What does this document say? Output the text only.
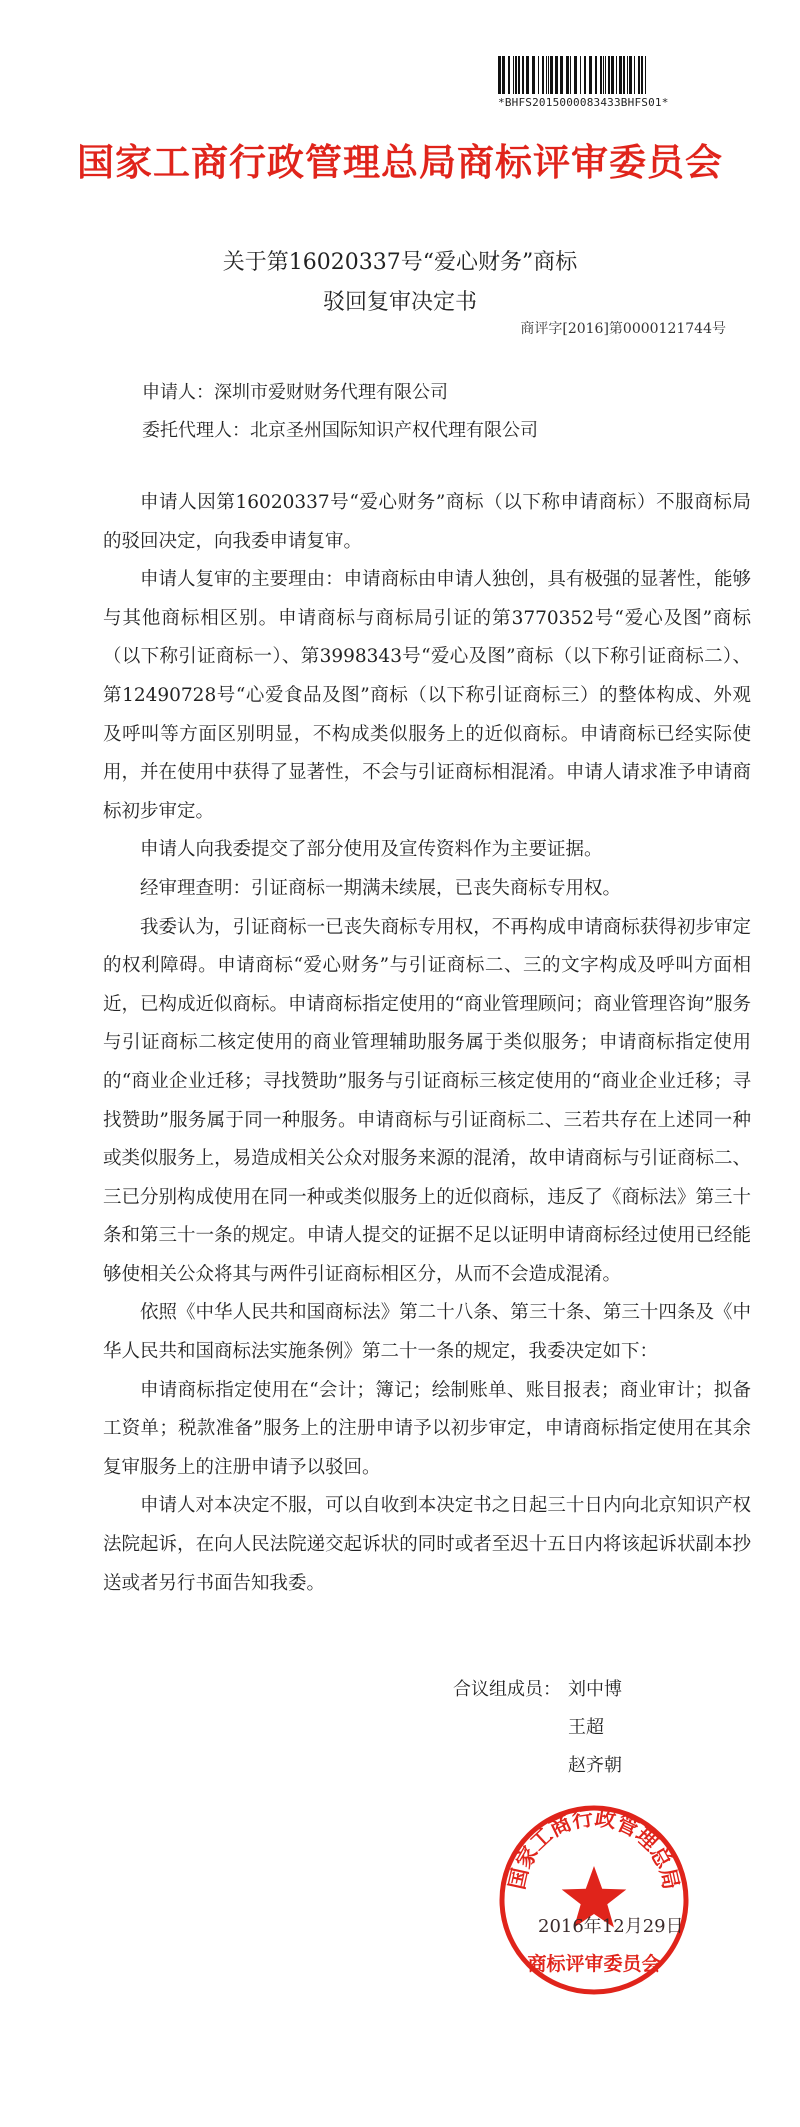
*BHFS2015000083433BHFS01*
国家工商行政管理总局商标评审委员会
关于第16020337号“爱心财务”商标
驳回复审决定书
商评字[2016]第0000121744号
申请人：深圳市爱财财务代理有限公司
委托代理人：北京圣州国际知识产权代理有限公司

申请人因第16020337号“爱心财务”商标（以下称申请商标）不服商标局的驳回决定，向我委申请复审。

申请人复审的主要理由：申请商标由申请人独创，具有极强的显著性，能够与其他商标相区别。申请商标与商标局引证的第3770352号“爱心及图”商标（以下称引证商标一）、第3998343号“爱心及图”商标（以下称引证商标二）、第12490728号“心爱食品及图”商标（以下称引证商标三）的整体构成、外观及呼叫等方面区别明显，不构成类似服务上的近似商标。申请商标已经实际使用，并在使用中获得了显著性，不会与引证商标相混淆。申请人请求准予申请商标初步审定。

申请人向我委提交了部分使用及宣传资料作为主要证据。

经审理查明：引证商标一期满未续展，已丧失商标专用权。

我委认为，引证商标一已丧失商标专用权，不再构成申请商标获得初步审定的权利障碍。申请商标“爱心财务”与引证商标二、三的文字构成及呼叫方面相近，已构成近似商标。申请商标指定使用的“商业管理顾问；商业管理咨询”服务与引证商标二核定使用的商业管理辅助服务属于类似服务；申请商标指定使用的“商业企业迁移；寻找赞助”服务与引证商标三核定使用的“商业企业迁移；寻找赞助”服务属于同一种服务。申请商标与引证商标二、三若共存在上述同一种或类似服务上，易造成相关公众对服务来源的混淆，故申请商标与引证商标二、三已分别构成使用在同一种或类似服务上的近似商标，违反了《商标法》第三十条和第三十一条的规定。申请人提交的证据不足以证明申请商标经过使用已经能够使相关公众将其与两件引证商标相区分，从而不会造成混淆。

依照《中华人民共和国商标法》第二十八条、第三十条、第三十四条及《中华人民共和国商标法实施条例》第二十一条的规定，我委决定如下：

申请商标指定使用在“会计；簿记；绘制账单、账目报表；商业审计；拟备工资单；税款准备”服务上的注册申请予以初步审定，申请商标指定使用在其余复审服务上的注册申请予以驳回。

申请人对本决定不服，可以自收到本决定书之日起三十日内向北京知识产权法院起诉，在向人民法院递交起诉状的同时或者至迟十五日内将该起诉状副本抄送或者另行书面告知我委。

合议组成员： 刘中博
王超
赵齐朝
国家工商行政管理总局
商标评审委员会
2016年12月29日
